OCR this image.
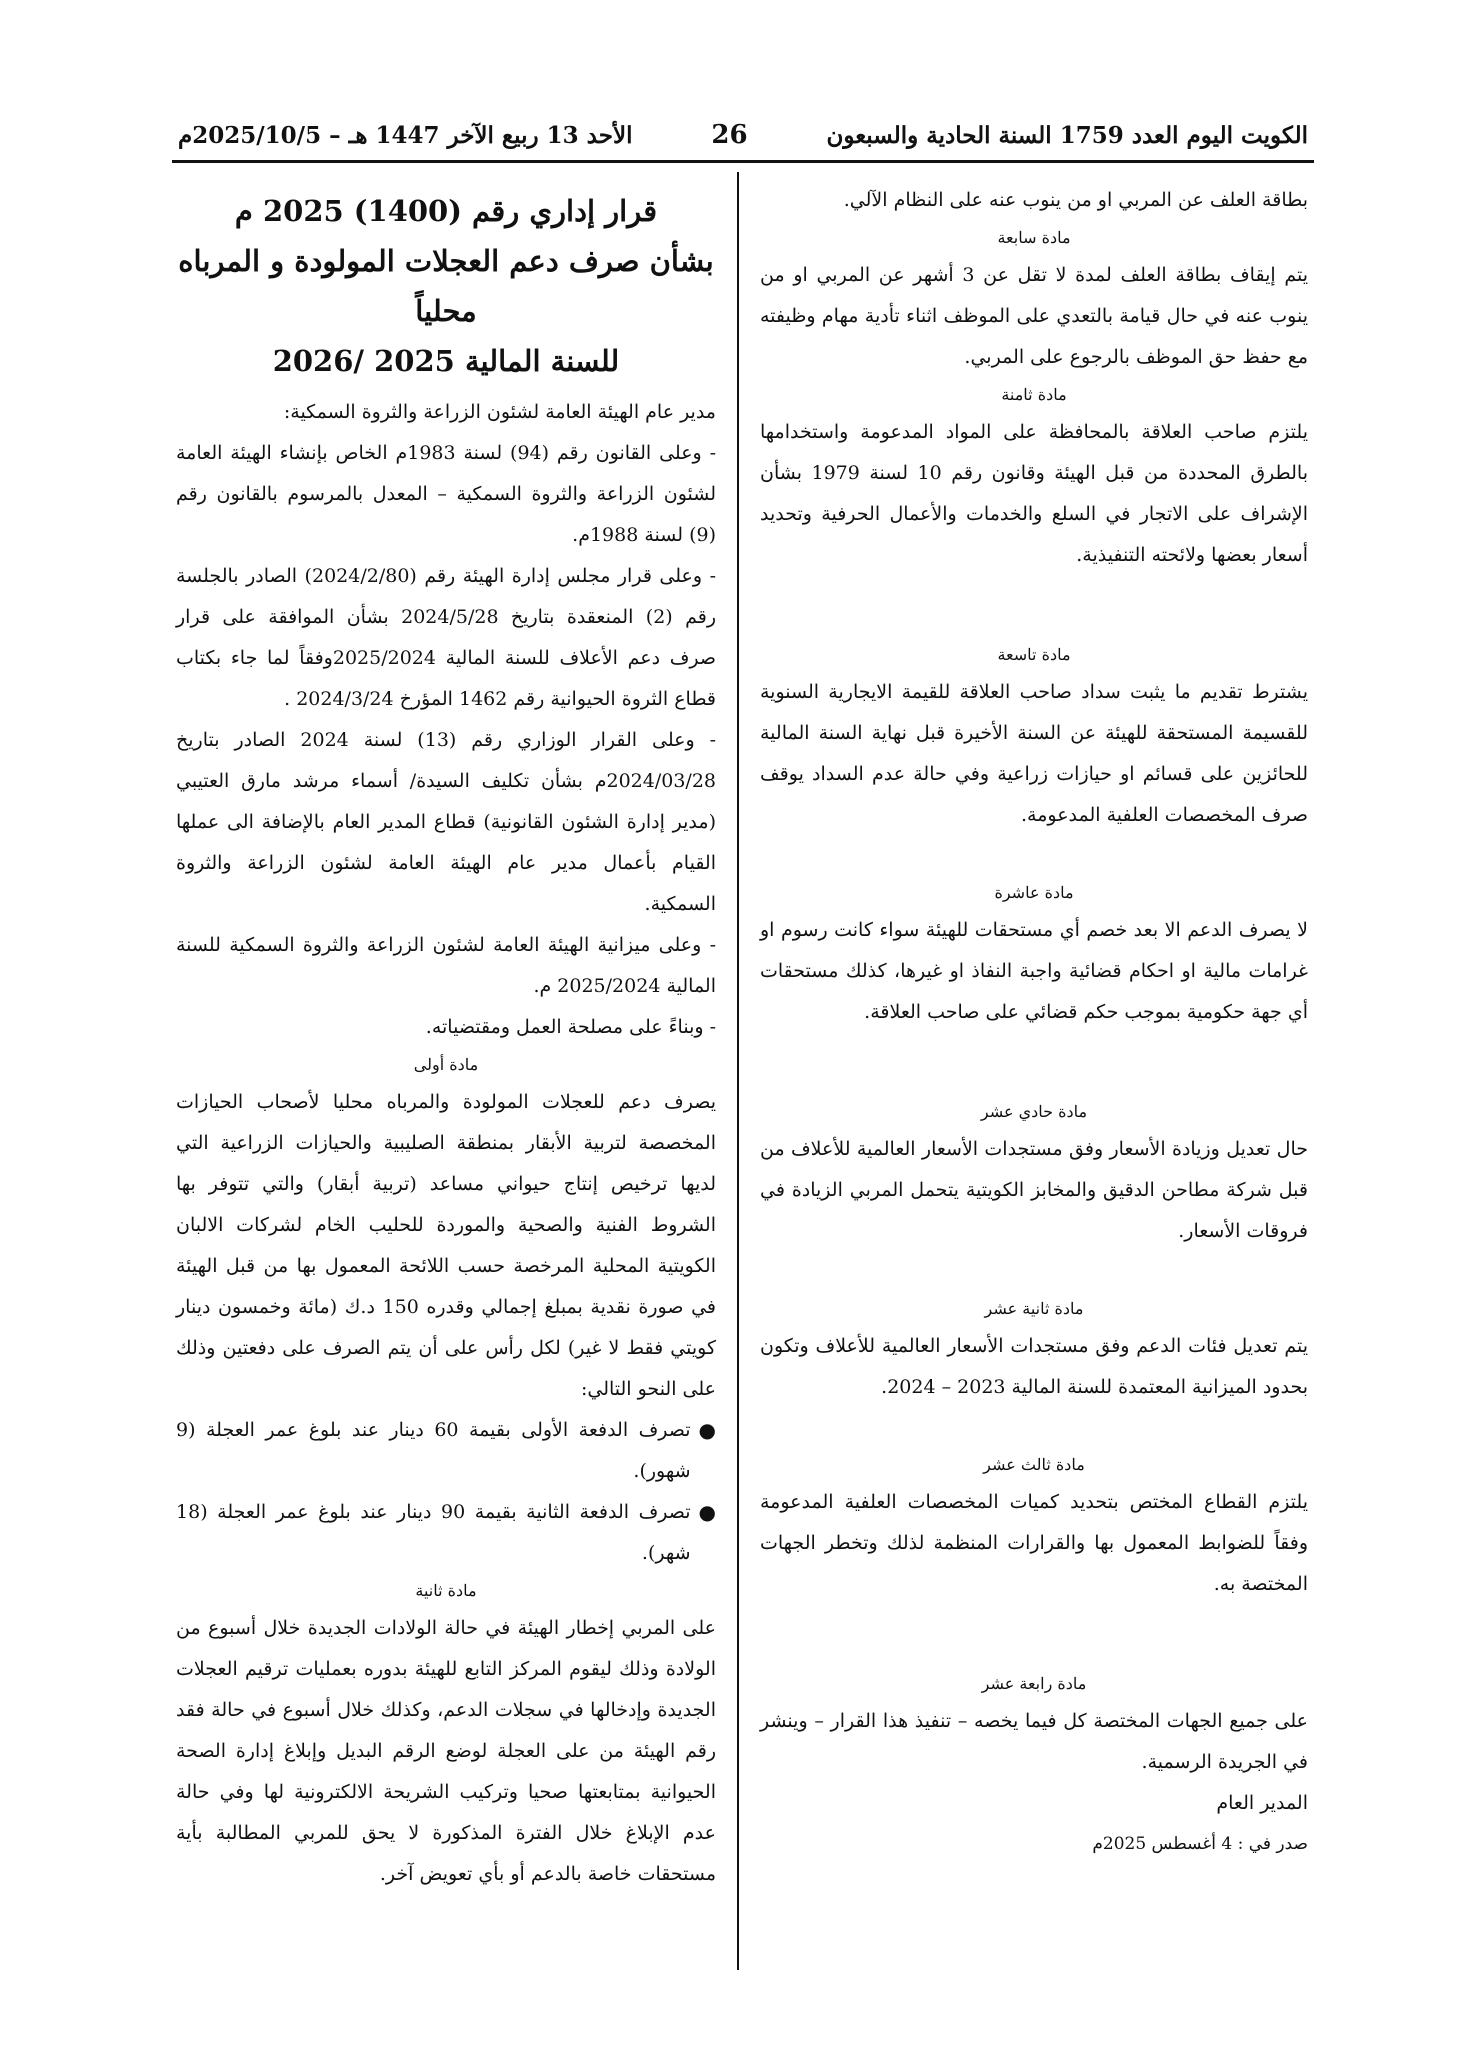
الكويت اليوم العدد 1759 السنة الحادية والسبعون
26
الأحد 13 ربيع الآخر 1447 هـ – 2025/10/5م

بطاقة العلف عن المربي او من ينوب عنه على النظام الآلي.

مادة سابعة

يتم إيقاف بطاقة العلف لمدة لا تقل عن 3 أشهر عن المربي او من ينوب عنه في حال قيامة بالتعدي على الموظف اثناء تأدية مهام وظيفته مع حفظ حق الموظف بالرجوع على المربي.

مادة ثامنة

يلتزم صاحب العلاقة بالمحافظة على المواد المدعومة واستخدامها بالطرق المحددة من قبل الهيئة وقانون رقم 10 لسنة 1979 بشأن الإشراف على الاتجار في السلع والخدمات والأعمال الحرفية وتحديد أسعار بعضها ولائحته التنفيذية.

مادة تاسعة

يشترط تقديم ما يثبت سداد صاحب العلاقة للقيمة الايجارية السنوية للقسيمة المستحقة للهيئة عن السنة الأخيرة قبل نهاية السنة المالية للحائزين على قسائم او حيازات زراعية وفي حالة عدم السداد يوقف صرف المخصصات العلفية المدعومة.

مادة عاشرة

لا يصرف الدعم الا بعد خصم أي مستحقات للهيئة سواء كانت رسوم او غرامات مالية او احكام قضائية واجبة النفاذ او غيرها، كذلك مستحقات أي جهة حكومية بموجب حكم قضائي على صاحب العلاقة.

مادة حادي عشر

حال تعديل وزيادة الأسعار وفق مستجدات الأسعار العالمية للأعلاف من قبل شركة مطاحن الدقيق والمخابز الكويتية يتحمل المربي الزيادة في فروقات الأسعار.

مادة ثانية عشر

يتم تعديل فئات الدعم وفق مستجدات الأسعار العالمية للأعلاف وتكون بحدود الميزانية المعتمدة للسنة المالية 2023 – 2024.

مادة ثالث عشر

يلتزم القطاع المختص بتحديد كميات المخصصات العلفية المدعومة وفقاً للضوابط المعمول بها والقرارات المنظمة لذلك وتخطر الجهات المختصة به.

مادة رابعة عشر

على جميع الجهات المختصة كل فيما يخصه – تنفيذ هذا القرار – وينشر في الجريدة الرسمية.

المدير العام

صدر في : 4 أغسطس 2025م

قرار إداري رقم (1400) 2025 م
بشأن صرف دعم العجلات المولودة و المرباه محلياً
للسنة المالية 2025 /2026

مدير عام الهيئة العامة لشئون الزراعة والثروة السمكية:

- وعلى القانون رقم (94) لسنة 1983م الخاص بإنشاء الهيئة العامة لشئون الزراعة والثروة السمكية – المعدل بالمرسوم بالقانون رقم (9) لسنة 1988م.

- وعلى قرار مجلس إدارة الهيئة رقم (2024/2/80) الصادر بالجلسة رقم (2) المنعقدة بتاريخ 2024/5/28 بشأن الموافقة على قرار صرف دعم الأعلاف للسنة المالية 2025/2024وفقاً لما جاء بكتاب قطاع الثروة الحيوانية رقم 1462 المؤرخ 2024/3/24 .

- وعلى القرار الوزاري رقم (13) لسنة 2024 الصادر بتاريخ 2024/03/28م بشأن تكليف السيدة/ أسماء مرشد مارق العتيبي (مدير إدارة الشئون القانونية) قطاع المدير العام بالإضافة الى عملها القيام بأعمال مدير عام الهيئة العامة لشئون الزراعة والثروة السمكية.

- وعلى ميزانية الهيئة العامة لشئون الزراعة والثروة السمكية للسنة المالية 2025/2024 م.

- وبناءً على مصلحة العمل ومقتضياته.

مادة أولى

يصرف دعم للعجلات المولودة والمرباه محليا لأصحاب الحيازات المخصصة لتربية الأبقار بمنطقة الصليبية والحيازات الزراعية التي لديها ترخيص إنتاج حيواني مساعد (تربية أبقار) والتي تتوفر بها الشروط الفنية والصحية والموردة للحليب الخام لشركات الالبان الكويتية المحلية المرخصة حسب اللائحة المعمول بها من قبل الهيئة في صورة نقدية بمبلغ إجمالي وقدره 150 د.ك (مائة وخمسون دينار كويتي فقط لا غير) لكل رأس على أن يتم الصرف على دفعتين وذلك على النحو التالي:

●
تصرف الدفعة الأولى بقيمة 60 دينار عند بلوغ عمر العجلة (9 شهور).
●
تصرف الدفعة الثانية بقيمة 90 دينار عند بلوغ عمر العجلة (18 شهر).
مادة ثانية

على المربي إخطار الهيئة في حالة الولادات الجديدة خلال أسبوع من الولادة وذلك ليقوم المركز التابع للهيئة بدوره بعمليات ترقيم العجلات الجديدة وإدخالها في سجلات الدعم، وكذلك خلال أسبوع في حالة فقد رقم الهيئة من على العجلة لوضع الرقم البديل وإبلاغ إدارة الصحة الحيوانية بمتابعتها صحيا وتركيب الشريحة الالكترونية لها وفي حالة عدم الإبلاغ خلال الفترة المذكورة لا يحق للمربي المطالبة بأية مستحقات خاصة بالدعم أو بأي تعويض آخر.
